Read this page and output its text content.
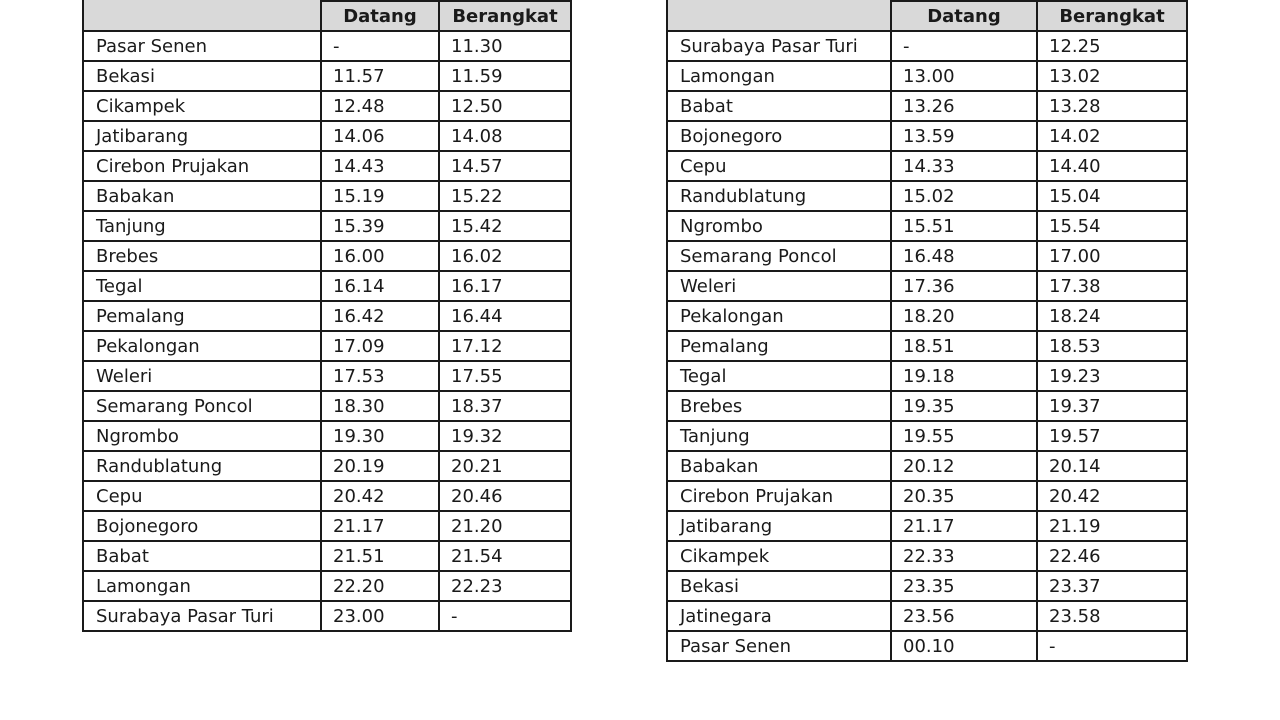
	Datang	Berangkat
Pasar Senen	-	11.30
Bekasi	11.57	11.59
Cikampek	12.48	12.50
Jatibarang	14.06	14.08
Cirebon Prujakan	14.43	14.57
Babakan	15.19	15.22
Tanjung	15.39	15.42
Brebes	16.00	16.02
Tegal	16.14	16.17
Pemalang	16.42	16.44
Pekalongan	17.09	17.12
Weleri	17.53	17.55
Semarang Poncol	18.30	18.37
Ngrombo	19.30	19.32
Randublatung	20.19	20.21
Cepu	20.42	20.46
Bojonegoro	21.17	21.20
Babat	21.51	21.54
Lamongan	22.20	22.23
Surabaya Pasar Turi	23.00	-

	Datang	Berangkat
Surabaya Pasar Turi	-	12.25
Lamongan	13.00	13.02
Babat	13.26	13.28
Bojonegoro	13.59	14.02
Cepu	14.33	14.40
Randublatung	15.02	15.04
Ngrombo	15.51	15.54
Semarang Poncol	16.48	17.00
Weleri	17.36	17.38
Pekalongan	18.20	18.24
Pemalang	18.51	18.53
Tegal	19.18	19.23
Brebes	19.35	19.37
Tanjung	19.55	19.57
Babakan	20.12	20.14
Cirebon Prujakan	20.35	20.42
Jatibarang	21.17	21.19
Cikampek	22.33	22.46
Bekasi	23.35	23.37
Jatinegara	23.56	23.58
Pasar Senen	00.10	-
